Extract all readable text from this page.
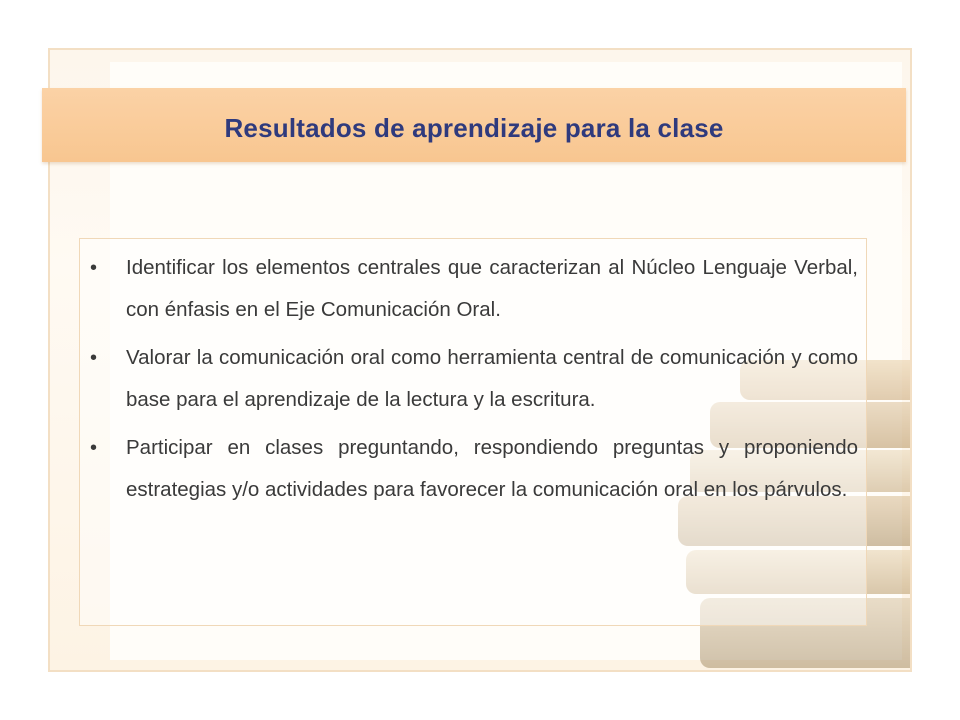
Resultados de aprendizaje para la clase
• Identificar los elementos centrales que caracterizan al Núcleo Lenguaje Verbal, con énfasis en el Eje Comunicación Oral.
• Valorar la comunicación oral como herramienta central de comunicación y como base para el aprendizaje de la lectura y la escritura.
• Participar en clases preguntando, respondiendo preguntas y proponiendo estrategias y/o actividades para favorecer la comunicación oral en los párvulos.
